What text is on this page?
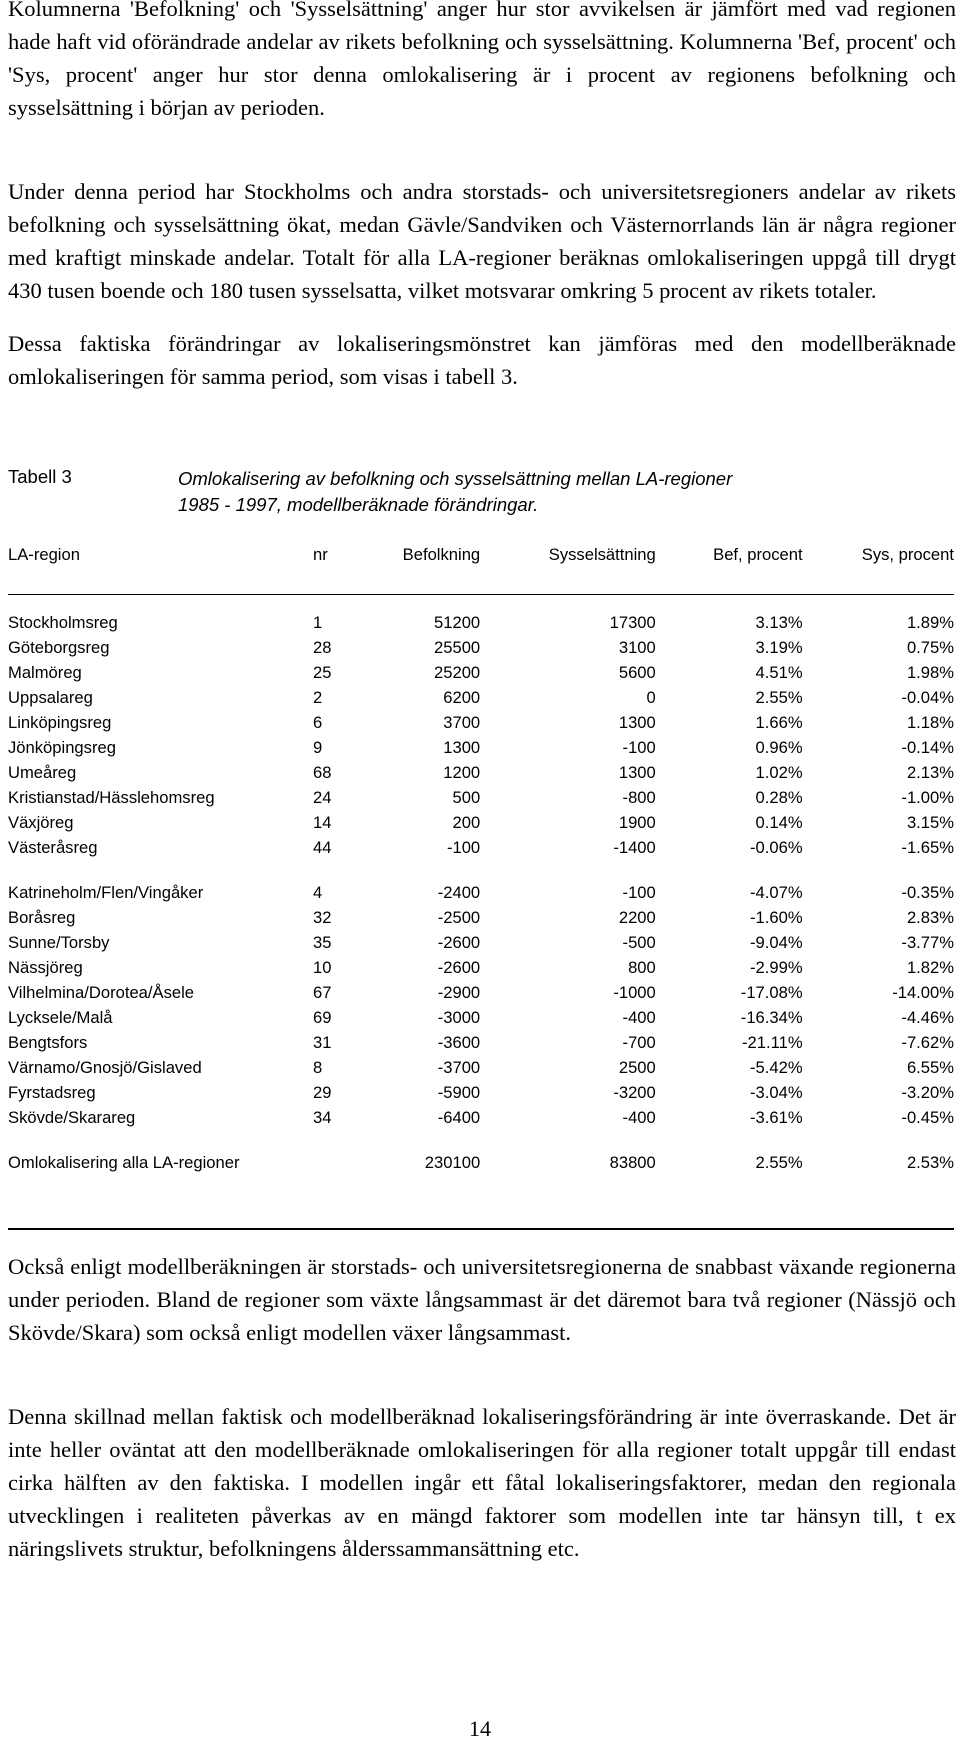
Kolumnerna 'Befolkning' och 'Sysselsättning' anger hur stor avvikelsen är jämfört med vad regionen hade haft vid oförändrade andelar av rikets befolkning och sysselsättning. Kolumnerna 'Bef, procent' och 'Sys, procent' anger hur stor denna omlokalisering är i procent av regionens befolkning och sysselsättning i början av perioden.

Under denna period har Stockholms och andra storstads- och universitetsregioners andelar av rikets befolkning och sysselsättning ökat, medan Gävle/Sandviken och Västernorrlands län är några regioner med kraftigt minskade andelar. Totalt för alla LA-regioner beräknas omlokaliseringen uppgå till drygt 430 tusen boende och 180 tusen sysselsatta, vilket motsvarar omkring 5 procent av rikets totaler.

Dessa faktiska förändringar av lokaliseringsmönstret kan jämföras med den modellberäknade omlokaliseringen för samma period, som visas i tabell 3.

Tabell 3	Omlokalisering av befolkning och sysselsättning mellan LA-regioner
1985 - 1997, modellberäknade förändringar.
LA-region	nr	Befolkning	Sysselsättning	Bef, procent	Sys, procent

Stockholmsreg	1	51200	17300	3.13%	1.89%
Göteborgsreg	28	25500	3100	3.19%	0.75%
Malmöreg	25	25200	5600	4.51%	1.98%
Uppsalareg	2	6200	0	2.55%	-0.04%
Linköpingsreg	6	3700	1300	1.66%	1.18%
Jönköpingsreg	9	1300	-100	0.96%	-0.14%
Umeåreg	68	1200	1300	1.02%	2.13%
Kristianstad/Hässlehomsreg	24	500	-800	0.28%	-1.00%
Växjöreg	14	200	1900	0.14%	3.15%
Västeråsreg	44	-100	-1400	-0.06%	-1.65%

Katrineholm/Flen/Vingåker	4	-2400	-100	-4.07%	-0.35%
Boråsreg	32	-2500	2200	-1.60%	2.83%
Sunne/Torsby	35	-2600	-500	-9.04%	-3.77%
Nässjöreg	10	-2600	800	-2.99%	1.82%
Vilhelmina/Dorotea/Åsele	67	-2900	-1000	-17.08%	-14.00%
Lycksele/Malå	69	-3000	-400	-16.34%	-4.46%
Bengtsfors	31	-3600	-700	-21.11%	-7.62%
Värnamo/Gnosjö/Gislaved	8	-3700	2500	-5.42%	6.55%
Fyrstadsreg	29	-5900	-3200	-3.04%	-3.20%
Skövde/Skarareg	34	-6400	-400	-3.61%	-0.45%

Omlokalisering alla LA-regioner		230100	83800	2.55%	2.53%

Också enligt modellberäkningen är storstads- och universitetsregionerna de snabbast växande regionerna under perioden. Bland de regioner som växte långsammast är det däremot bara två regioner (Nässjö och Skövde/Skara) som också enligt modellen växer långsammast.

Denna skillnad mellan faktisk och modellberäknad lokaliseringsförändring är inte överraskande. Det är inte heller oväntat att den modellberäknade omlokaliseringen för alla regioner totalt uppgår till endast cirka hälften av den faktiska. I modellen ingår ett fåtal lokaliseringsfaktorer, medan den regionala utvecklingen i realiteten påverkas av en mängd faktorer som modellen inte tar hänsyn till, t ex näringslivets struktur, befolkningens ålderssammansättning etc.

14
